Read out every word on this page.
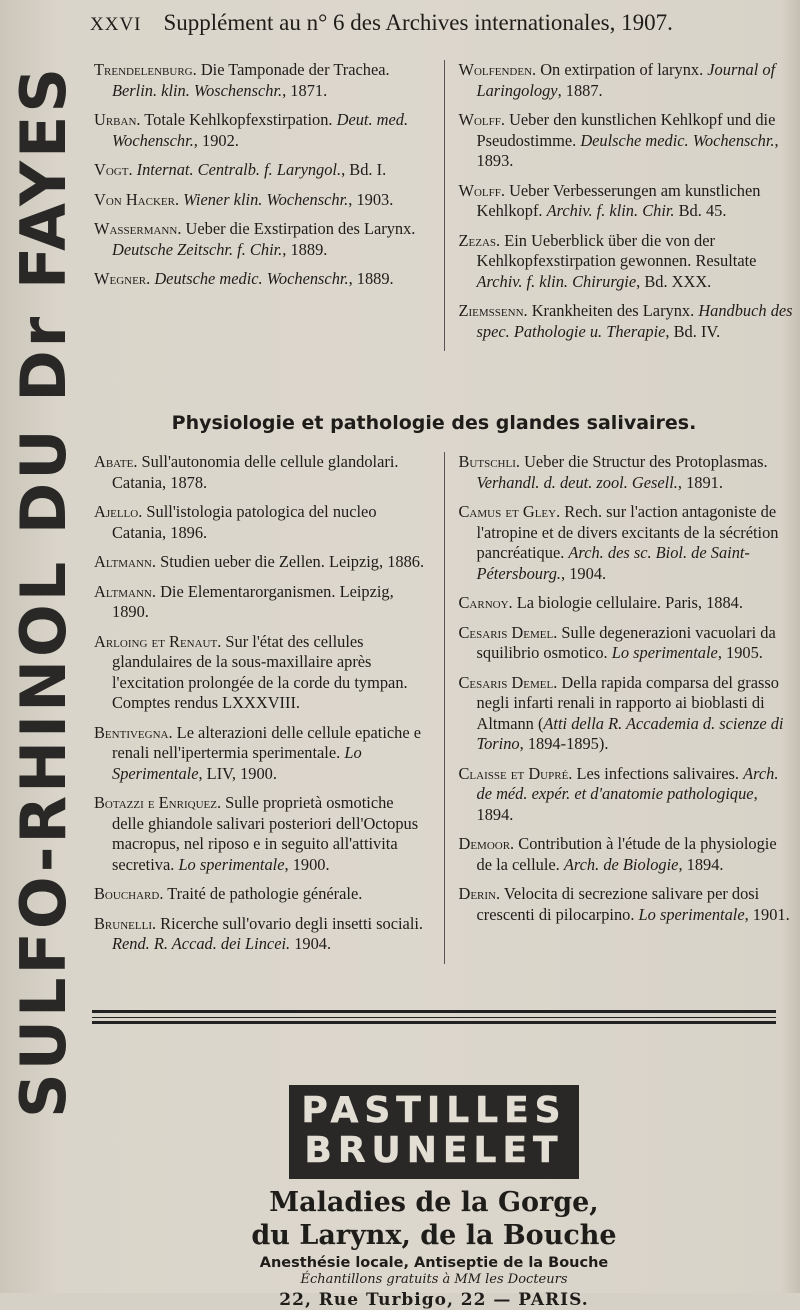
SULFO-RHINOL DU Dr FAYES
XXVI Supplément au n° 6 des Archives internationales, 1907.
Trendelenburg. Die Tamponade der Trachea. Berlin. klin. Woschenschr., 1871.
Urban. Totale Kehlkopfexstirpation. Deut. med. Wochenschr., 1902.
Vogt. Internat. Centralb. f. Laryngol., Bd. I.
Von Hacker. Wiener klin. Wochenschr., 1903.
Wassermann. Ueber die Exstirpation des Larynx. Deutsche Zeitschr. f. Chir., 1889.
Wegner. Deutsche medic. Wochenschr., 1889.
Wolfenden. On extirpation of larynx. Journal of Laringology, 1887.
Wolff. Ueber den kunstlichen Kehlkopf und die Pseudostimme. Deulsche medic. Wochenschr., 1893.
Wolff. Ueber Verbesserungen am kunstlichen Kehlkopf. Archiv. f. klin. Chir. Bd. 45.
Zezas. Ein Ueberblick über die von der Kehlkopfexstirpation gewonnen. Resultate Archiv. f. klin. Chirurgie, Bd. XXX.
Ziemssenn. Krankheiten des Larynx. Handbuch des spec. Pathologie u. Therapie, Bd. IV.
Physiologie et pathologie des glandes salivaires.
Abate. Sull'autonomia delle cellule glandolari. Catania, 1878.
Ajello. Sull'istologia patologica del nucleo Catania, 1896.
Altmann. Studien ueber die Zellen. Leipzig, 1886.
Altmann. Die Elementarorganismen. Leipzig, 1890.
Arloing et Renaut. Sur l'état des cellules glandulaires de la sous-maxillaire après l'excitation prolongée de la corde du tympan. Comptes rendus LXXXVIII.
Bentivegna. Le alterazioni delle cellule epatiche e renali nell'ipertermia sperimentale. Lo Sperimentale, LIV, 1900.
Botazzi e Enriquez. Sulle proprietà osmotiche delle ghiandole salivari posteriori dell'Octopus macropus, nel riposo e in seguito all'attivita secretiva. Lo sperimentale, 1900.
Bouchard. Traité de pathologie générale.
Brunelli. Ricerche sull'ovario degli insetti sociali. Rend. R. Accad. dei Lincei. 1904.
Butschli. Ueber die Structur des Protoplasmas. Verhandl. d. deut. zool. Gesell., 1891.
Camus et Gley. Rech. sur l'action antagoniste de l'atropine et de divers excitants de la sécrétion pancréatique. Arch. des sc. Biol. de Saint-Pétersbourg., 1904.
Carnoy. La biologie cellulaire. Paris, 1884.
Cesaris Demel. Sulle degenerazioni vacuolari da squilibrio osmotico. Lo sperimentale, 1905.
Cesaris Demel. Della rapida comparsa del grasso negli infarti renali in rapporto ai bioblasti di Altmann (Atti della R. Accademia d. scienze di Torino, 1894-1895).
Claisse et Dupré. Les infections salivaires. Arch. de méd. expér. et d'anatomie pathologique, 1894.
Demoor. Contribution à l'étude de la physiologie de la cellule. Arch. de Biologie, 1894.
Derin. Velocita di secrezione salivare per dosi crescenti di pilocarpino. Lo sperimentale, 1901.
PASTILLES
BRUNELET
Maladies de la Gorge,
du Larynx, de la Bouche
Anesthésie locale, Antiseptie de la Bouche
Échantillons gratuits à MM les Docteurs
22, Rue Turbigo, 22 — PARIS.
